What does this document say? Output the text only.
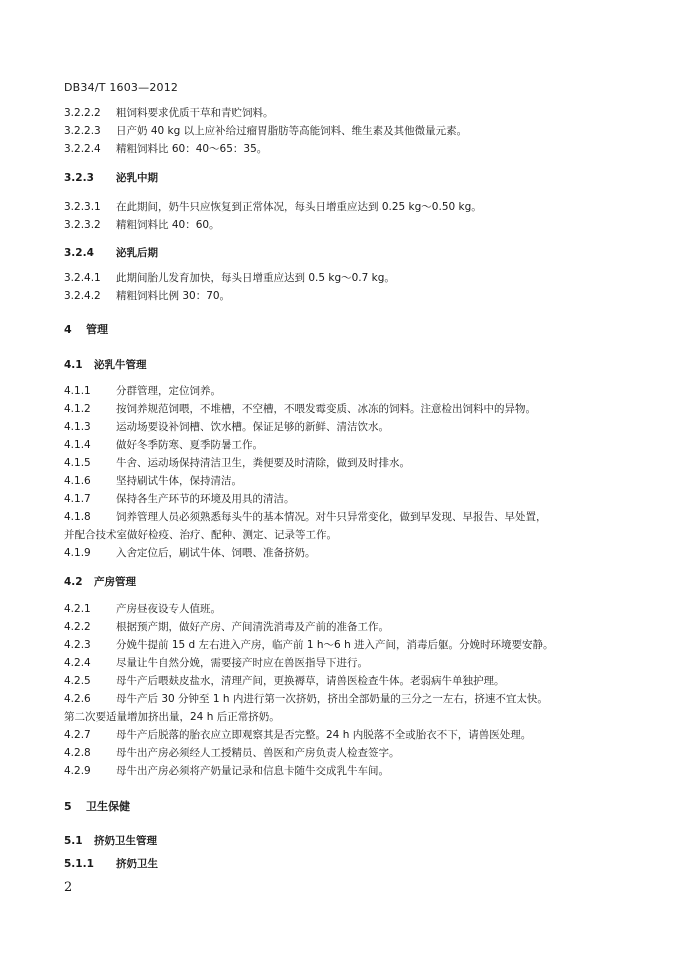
DB34/T 1603—2012
3.2.2.2 粗饲料要求优质干草和青贮饲料。
3.2.2.3 日产奶 40 kg 以上应补给过瘤胃脂肪等高能饲料、维生素及其他微量元素。
3.2.2.4 精粗饲料比 60：40～65：35。
3.2.3 泌乳中期
3.2.3.1 在此期间，奶牛只应恢复到正常体况，每头日增重应达到 0.25 kg～0.50 kg。
3.2.3.2 精粗饲料比 40：60。
3.2.4 泌乳后期
3.2.4.1 此期间胎儿发育加快，每头日增重应达到 0.5 kg～0.7 kg。
3.2.4.2 精粗饲料比例 30：70。
4 管理
4.1 泌乳牛管理
4.1.1 分群管理，定位饲养。
4.1.2 按饲养规范饲喂，不堆槽，不空槽，不喂发霉变质、冰冻的饲料。注意检出饲料中的异物。
4.1.3 运动场要设补饲槽、饮水槽。保证足够的新鲜、清洁饮水。
4.1.4 做好冬季防寒、夏季防暑工作。
4.1.5 牛舍、运动场保持清洁卫生，粪便要及时清除，做到及时排水。
4.1.6 坚持刷试牛体，保持清洁。
4.1.7 保持各生产环节的环境及用具的清洁。
4.1.8 饲养管理人员必须熟悉每头牛的基本情况。对牛只异常变化，做到早发现、早报告、早处置，
并配合技术室做好检疫、治疗、配种、测定、记录等工作。
4.1.9 入舍定位后，刷试牛体、饲喂、准备挤奶。
4.2 产房管理
4.2.1 产房昼夜设专人值班。
4.2.2 根据预产期，做好产房、产间清洗消毒及产前的准备工作。
4.2.3 分娩牛提前 15 d 左右进入产房，临产前 1 h～6 h 进入产间，消毒后躯。分娩时环境要安静。
4.2.4 尽量让牛自然分娩，需要接产时应在兽医指导下进行。
4.2.5 母牛产后喂麸皮盐水，清理产间，更换褥草，请兽医检查牛体。老弱病牛单独护理。
4.2.6 母牛产后 30 分钟至 1 h 内进行第一次挤奶，挤出全部奶量的三分之一左右，挤速不宜太快。
第二次要适量增加挤出量，24 h 后正常挤奶。
4.2.7 母牛产后脱落的胎衣应立即观察其是否完整。24 h 内脱落不全或胎衣不下，请兽医处理。
4.2.8 母牛出产房必须经人工授精员、兽医和产房负责人检查签字。
4.2.9 母牛出产房必须将产奶量记录和信息卡随牛交成乳牛车间。
5 卫生保健
5.1 挤奶卫生管理
5.1.1 挤奶卫生
2
